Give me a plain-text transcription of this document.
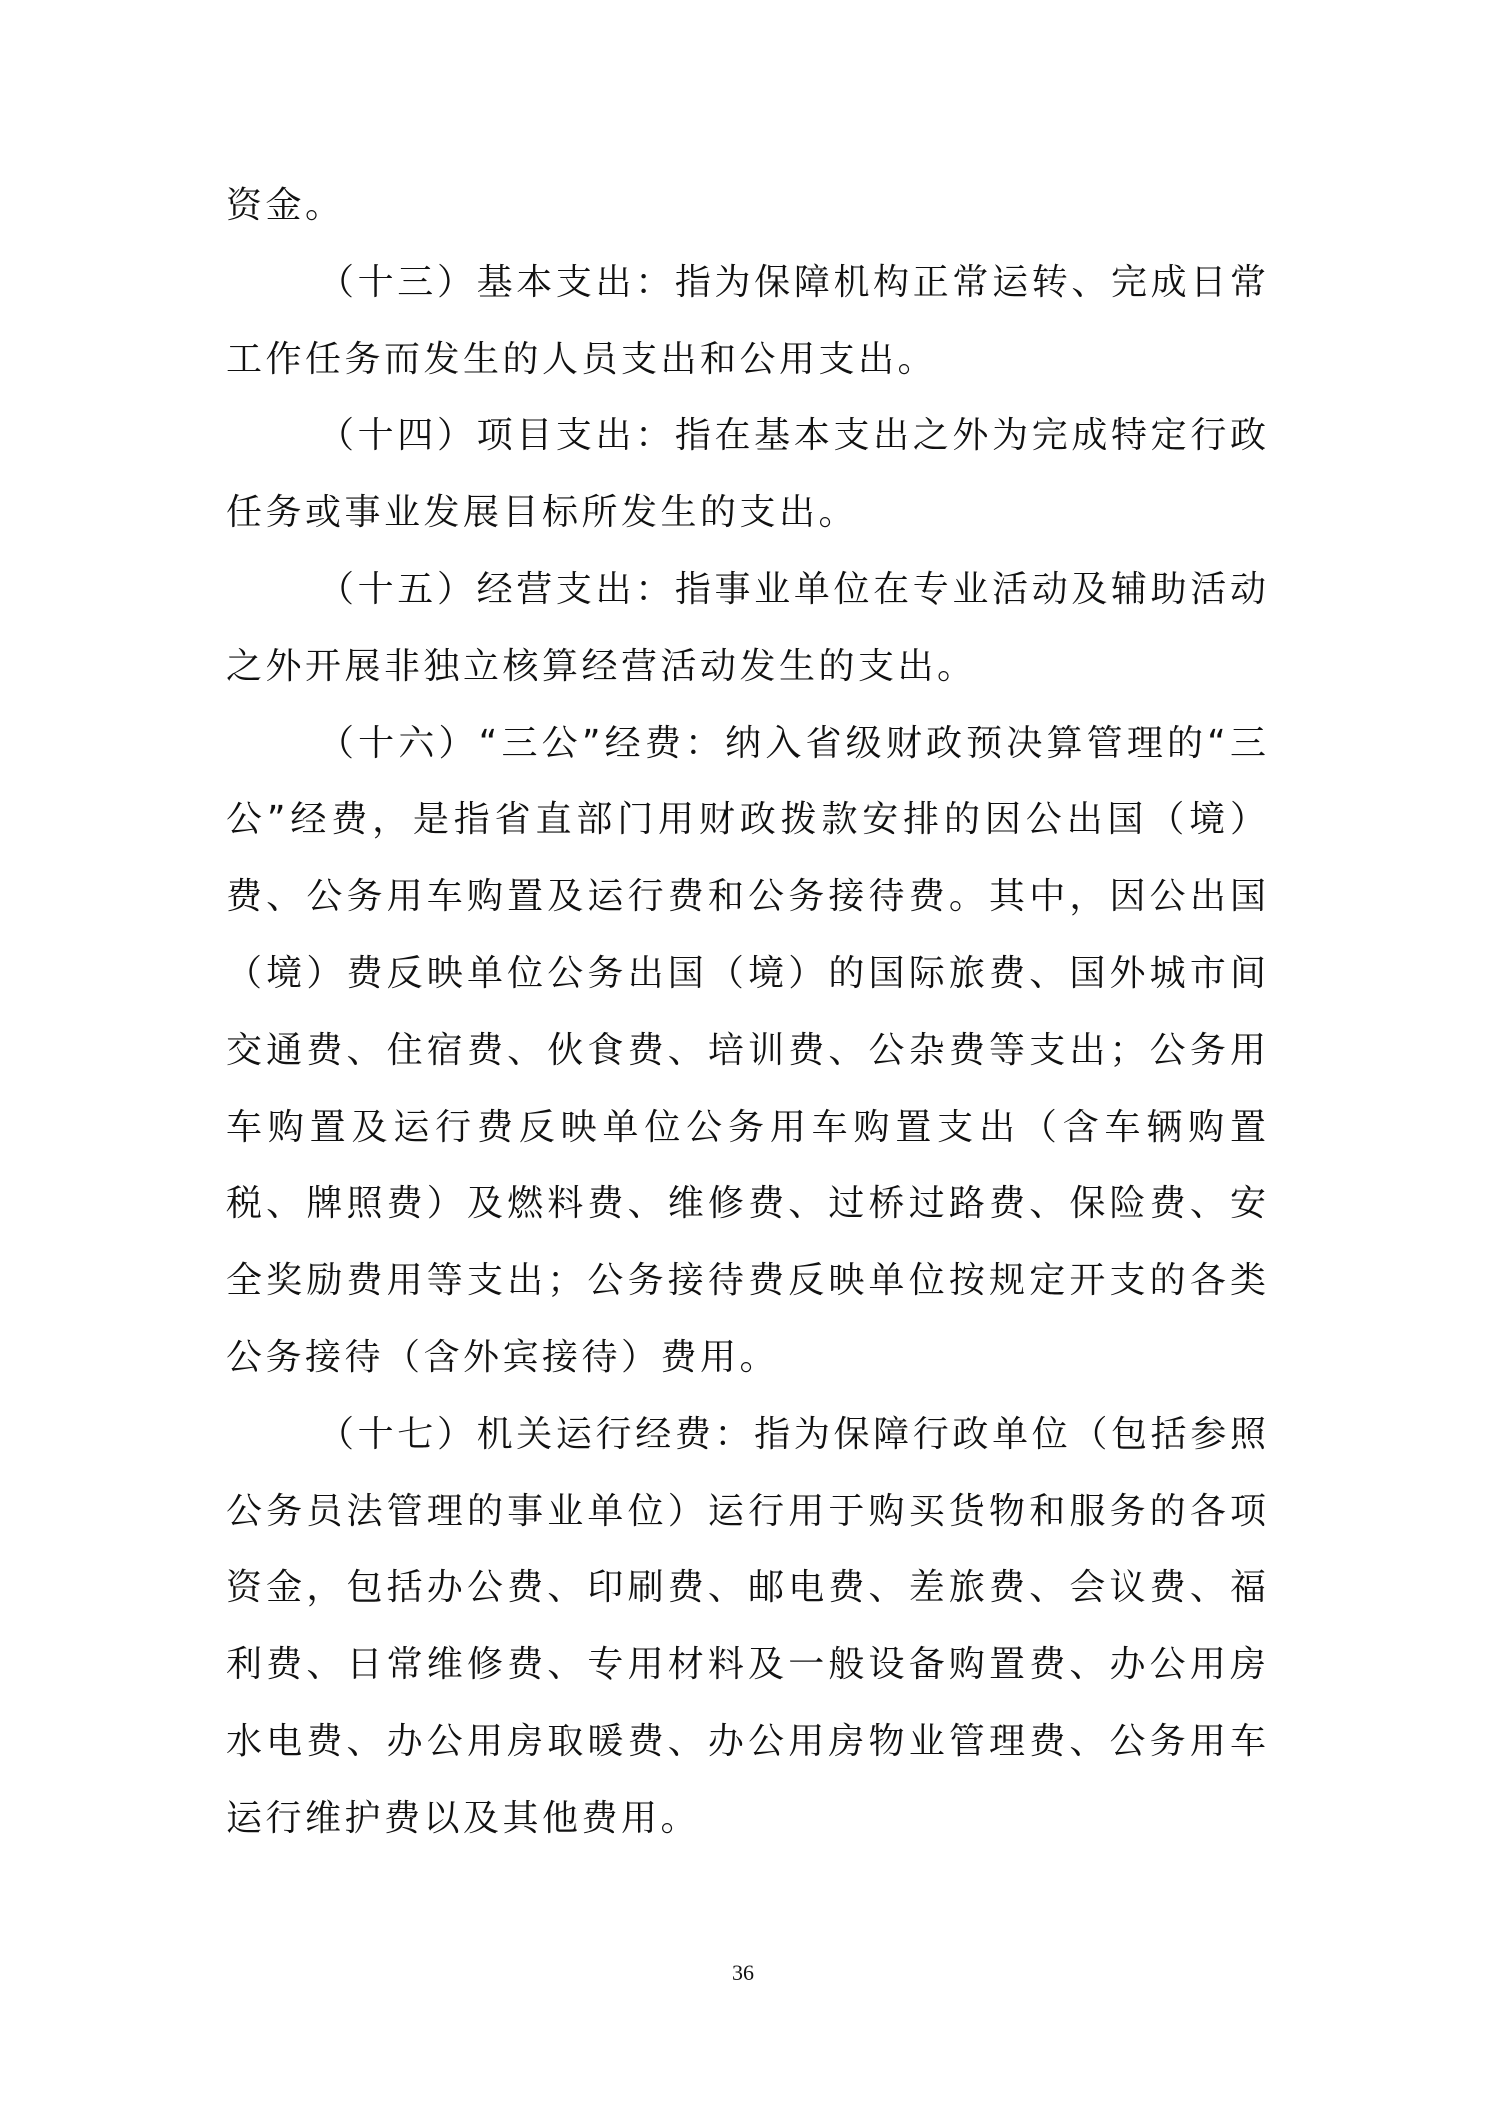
资金。
（十三）基本支出：指为保障机构正常运转、完成日常
工作任务而发生的人员支出和公用支出。
（十四）项目支出：指在基本支出之外为完成特定行政
任务或事业发展目标所发生的支出。
（十五）经营支出：指事业单位在专业活动及辅助活动
之外开展非独立核算经营活动发生的支出。
（十六）“三公”经费：纳入省级财政预决算管理的“三
公”经费，是指省直部门用财政拨款安排的因公出国（境）
费、公务用车购置及运行费和公务接待费。其中，因公出国
（境）费反映单位公务出国（境）的国际旅费、国外城市间
交通费、住宿费、伙食费、培训费、公杂费等支出；公务用
车购置及运行费反映单位公务用车购置支出（含车辆购置
税、牌照费）及燃料费、维修费、过桥过路费、保险费、安
全奖励费用等支出；公务接待费反映单位按规定开支的各类
公务接待（含外宾接待）费用。
（十七）机关运行经费：指为保障行政单位（包括参照
公务员法管理的事业单位）运行用于购买货物和服务的各项
资金，包括办公费、印刷费、邮电费、差旅费、会议费、福
利费、日常维修费、专用材料及一般设备购置费、办公用房
水电费、办公用房取暖费、办公用房物业管理费、公务用车
运行维护费以及其他费用。
36
